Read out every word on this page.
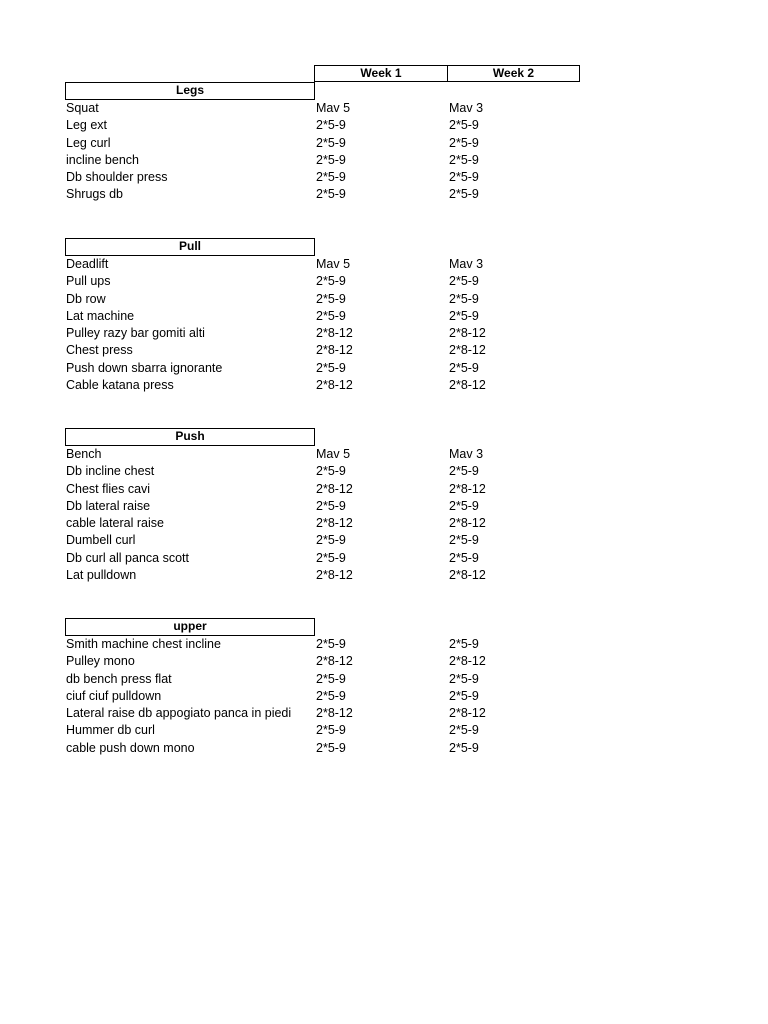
Week 1	Week 2
Legs
Squat	Mav 5	Mav 3
Leg ext	2*5-9	2*5-9
Leg curl	2*5-9	2*5-9
incline bench	2*5-9	2*5-9
Db shoulder press	2*5-9	2*5-9
Shrugs db	2*5-9	2*5-9
Pull
Deadlift	Mav 5	Mav 3
Pull ups	2*5-9	2*5-9
Db row	2*5-9	2*5-9
Lat machine	2*5-9	2*5-9
Pulley razy bar gomiti alti	2*8-12	2*8-12
Chest press	2*8-12	2*8-12
Push down sbarra ignorante	2*5-9	2*5-9
Cable katana press	2*8-12	2*8-12
Push
Bench	Mav 5	Mav 3
Db incline chest	2*5-9	2*5-9
Chest flies cavi	2*8-12	2*8-12
Db lateral raise	2*5-9	2*5-9
cable lateral raise	2*8-12	2*8-12
Dumbell curl	2*5-9	2*5-9
Db curl all panca scott	2*5-9	2*5-9
Lat pulldown	2*8-12	2*8-12
upper
Smith machine chest incline	2*5-9	2*5-9
Pulley mono	2*8-12	2*8-12
db bench press flat	2*5-9	2*5-9
ciuf ciuf pulldown	2*5-9	2*5-9
Lateral raise db appogiato panca in piedi 2*8-12	2*8-12
Hummer db curl	2*5-9	2*5-9
cable push down mono	2*5-9	2*5-9
